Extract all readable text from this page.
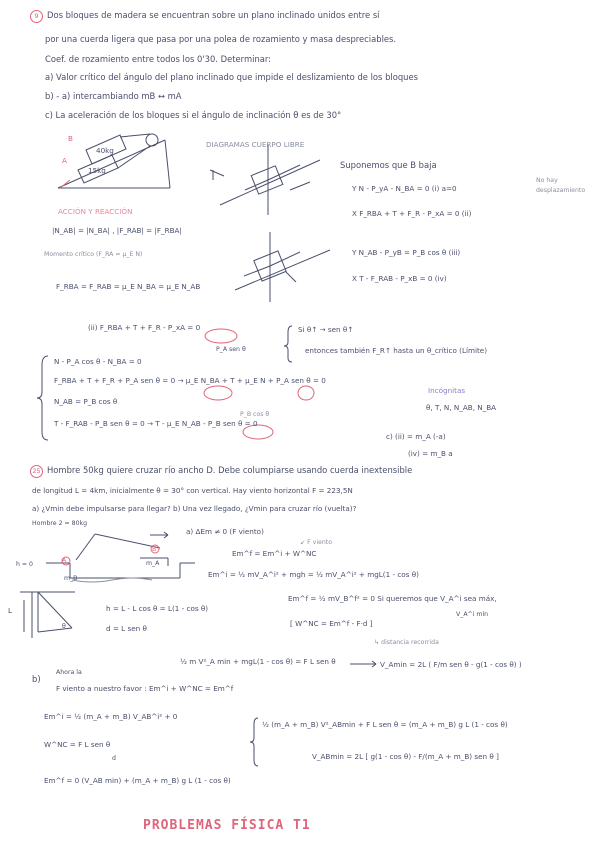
9 Dos bloques de madera se encuentran sobre un plano inclinado unidos entre sí
por una cuerda ligera que pasa por una polea de rozamiento y masa despreciables.
Coef. de rozamiento entre todos los 0'30. Determinar:
a) Valor crítico del ángulo del plano inclinado que impide el deslizamiento de los bloques
b) - a) intercambiando mB ↔ mA
c) La aceleración de los bloques si el ángulo de inclinación θ es de 30°
40kg
15kg
B
A
DIAGRAMAS CUERPO LIBRE
Suponemos que B baja
Y N - P_yA - N_BA = 0 (i) a=0
No hay desplazamiento
X F_RBA + T + F_R - P_xA = 0 (ii)
Y N_AB - P_yB = P_B cos θ (iii)
X T - F_RAB - P_xB = 0 (iv)
ACCIÓN Y REACCIÓN
|N_AB| = |N_BA| , |F_RAB| = |F_RBA|
Momento crítico (F_RA = μ_E N)
F_RBA = F_RAB = μ_E N_BA = μ_E N_AB
(ii) F_RBA + T + F_R - P_xA = 0
P_A sen θ
Si θ↑ → sen θ↑
entonces también F_R↑ hasta un θ_crítico (Límite)
N - P_A cos θ - N_BA = 0
F_RBA + T + F_R + P_A sen θ = 0 → μ_E N_BA + T + μ_E N + P_A sen θ = 0
N_AB = P_B cos θ
T - F_RAB - P_B sen θ = 0 → T - μ_E N_AB - P_B sen θ = 0
P_B cos θ
Incógnitas
θ, T, N, N_AB, N_BA
c) (ii) = m_A (-a)
(iv) = m_B a
25 Hombre 50kg quiere cruzar río ancho D. Debe columpiarse usando cuerda inextensible
de longitud L = 4km, inicialmente θ = 30° con vertical. Hay viento horizontal F = 223,5N
a) ¿Vmin debe impulsarse para llegar? b) Una vez llegado, ¿Vmin para cruzar río (vuelta)?
Hombre 2 = 80kg
a) ΔEm ≠ 0 (F viento)
↙ F viento
Em^f = Em^i + W^NC
Em^i = ½ mV_A^i² + mgh = ½ mV_A^i² + mgL(1 - cos θ)
Em^f = ½ mV_B^f² = 0 Si queremos que V_A^i sea máx,
V_A^i mín
[ W^NC = Em^f - F·d ]
↳ distancia recorrida
h = L - L cos θ = L(1 - cos θ)
d = L sen θ
h = 0
L
θ
m_A
m_B
A
B
½ m V²_A min + mgL(1 - cos θ) = F L sen θ	V_Amin = 2L ( F/m sen θ - g(1 - cos θ) )
b)
Ahora la
F viento a nuestro favor : Em^i + W^NC = Em^f
Em^i = ½ (m_A + m_B) V_AB^i² + 0
W^NC = F L sen θ
d
Em^f = 0 (V_AB min) + (m_A + m_B) g L (1 - cos θ)
½ (m_A + m_B) V²_ABmin + F L sen θ = (m_A + m_B) g L (1 - cos θ)
V_ABmin = 2L [ g(1 - cos θ) - F/(m_A + m_B) sen θ ]
PROBLEMAS FÍSICA T1
